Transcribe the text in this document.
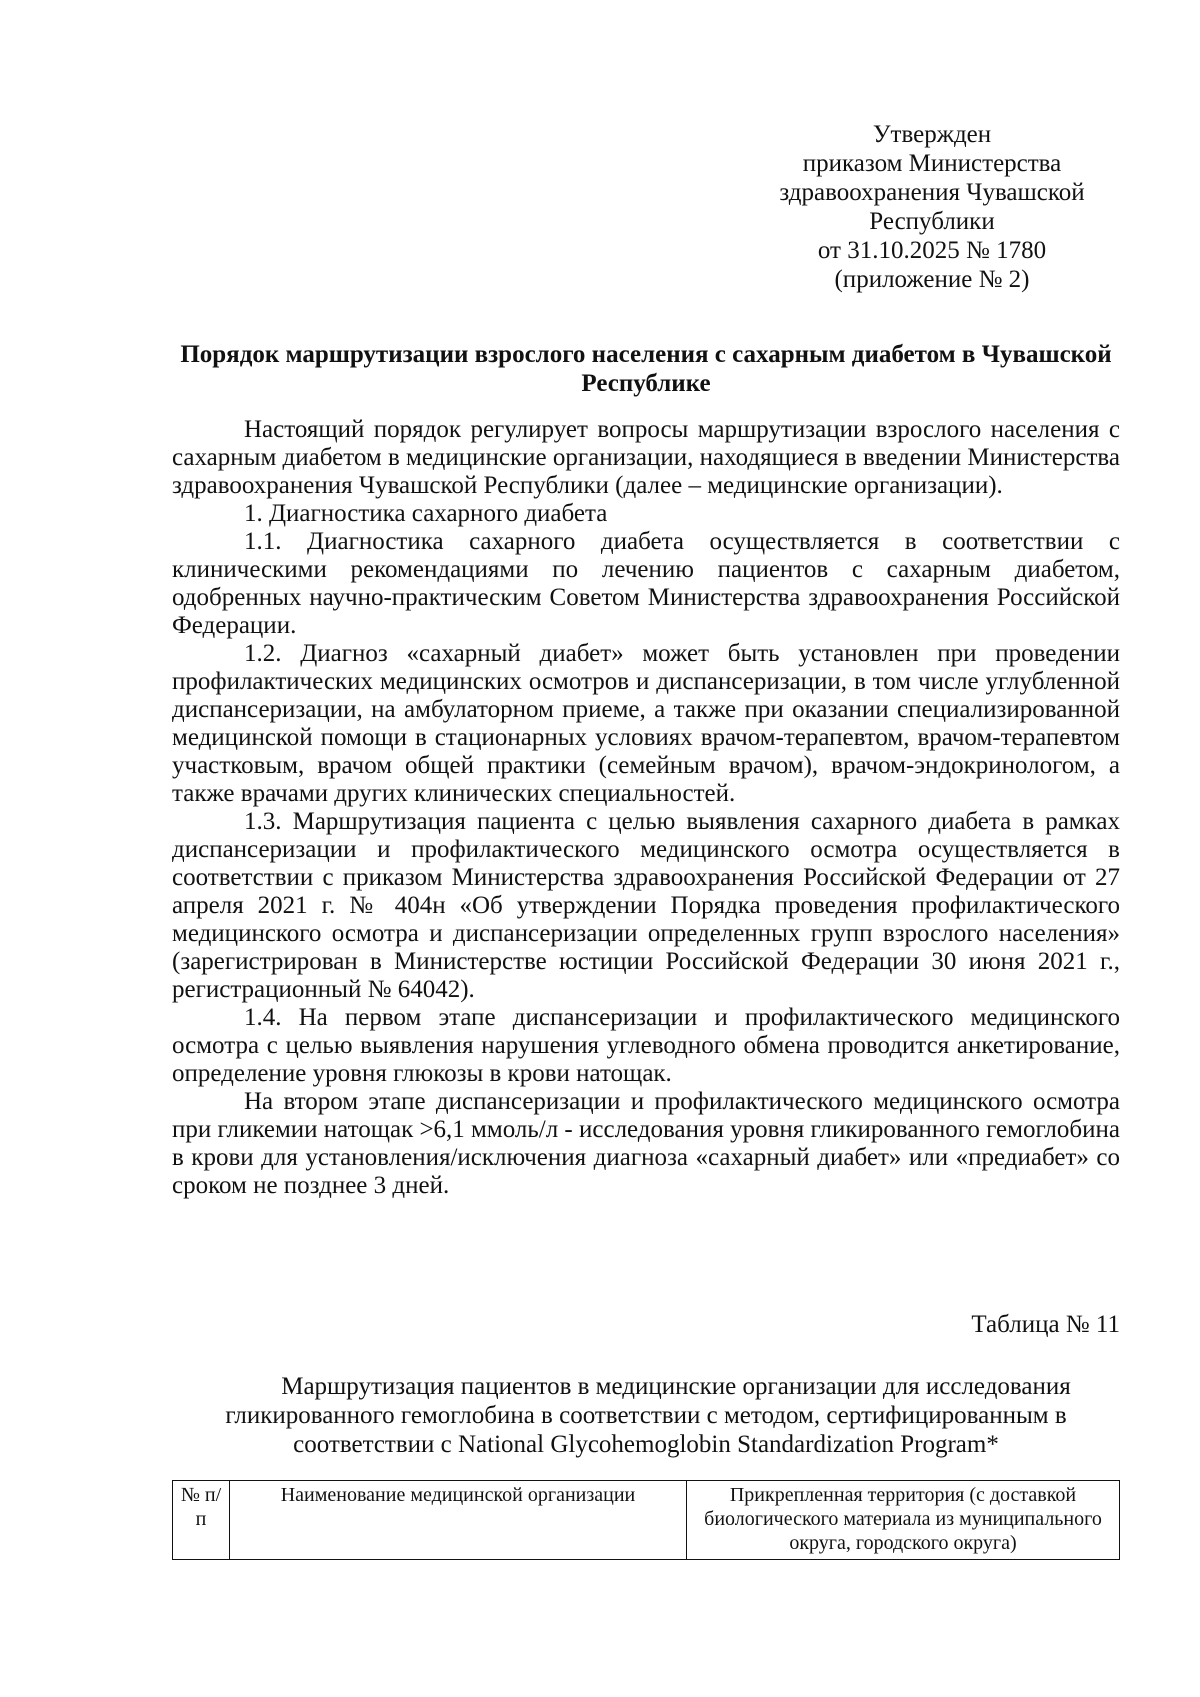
Утвержден
приказом Министерства
здравоохранения Чувашской
Республики
от 31.10.2025 № 1780
(приложение № 2)
Порядок маршрутизации взрослого населения с сахарным диабетом в Чувашской Республике

Настоящий порядок регулирует вопросы маршрутизации взрослого населения с сахарным диабетом в медицинские организации, находящиеся в введении Министерства здравоохранения Чувашской Республики (далее – медицинские организации).

1. Диагностика сахарного диабета

1.1. Диагностика сахарного диабета осуществляется в соответствии с клиническими рекомендациями по лечению пациентов с сахарным диабетом, одобренных научно-практическим Советом Министерства здравоохранения Российской Федерации.

1.2. Диагноз «сахарный диабет» может быть установлен при проведении профилактических медицинских осмотров и диспансеризации, в том числе углубленной диспансеризации, на амбулаторном приеме, а также при оказании специализированной медицинской помощи в стационарных условиях врачом-терапевтом, врачом-терапевтом участковым, врачом общей практики (семейным врачом), врачом-эндокринологом, а также врачами других клинических специальностей.

1.3. Маршрутизация пациента с целью выявления сахарного диабета в рамках диспансеризации и профилактического медицинского осмотра осуществляется в соответствии с приказом Министерства здравоохранения Российской Федерации от 27 апреля 2021 г. № 404н «Об утверждении Порядка проведения профилактического медицинского осмотра и диспансеризации определенных групп взрослого населения» (зарегистрирован в Министерстве юстиции Российской Федерации 30 июня 2021 г., регистрационный № 64042).

1.4. На первом этапе диспансеризации и профилактического медицинского осмотра с целью выявления нарушения углеводного обмена проводится анкетирование, определение уровня глюкозы в крови натощак.

На втором этапе диспансеризации и профилактического медицинского осмотра при гликемии натощак >6,1 ммоль/л - исследования уровня гликированного гемоглобина в крови для установления/исключения диагноза «сахарный диабет» или «предиабет» со сроком не позднее 3 дней.

Таблица № 11
Маршрутизация пациентов в медицинские организации для исследования гликированного гемоглобина в соответствии с методом, сертифицированным в соответствии с National Glycohemoglobin Standardization Program*
№ п/п	Наименование медицинской организации	Прикрепленная территория (с доставкой биологического материала из муниципального округа, городского округа)
